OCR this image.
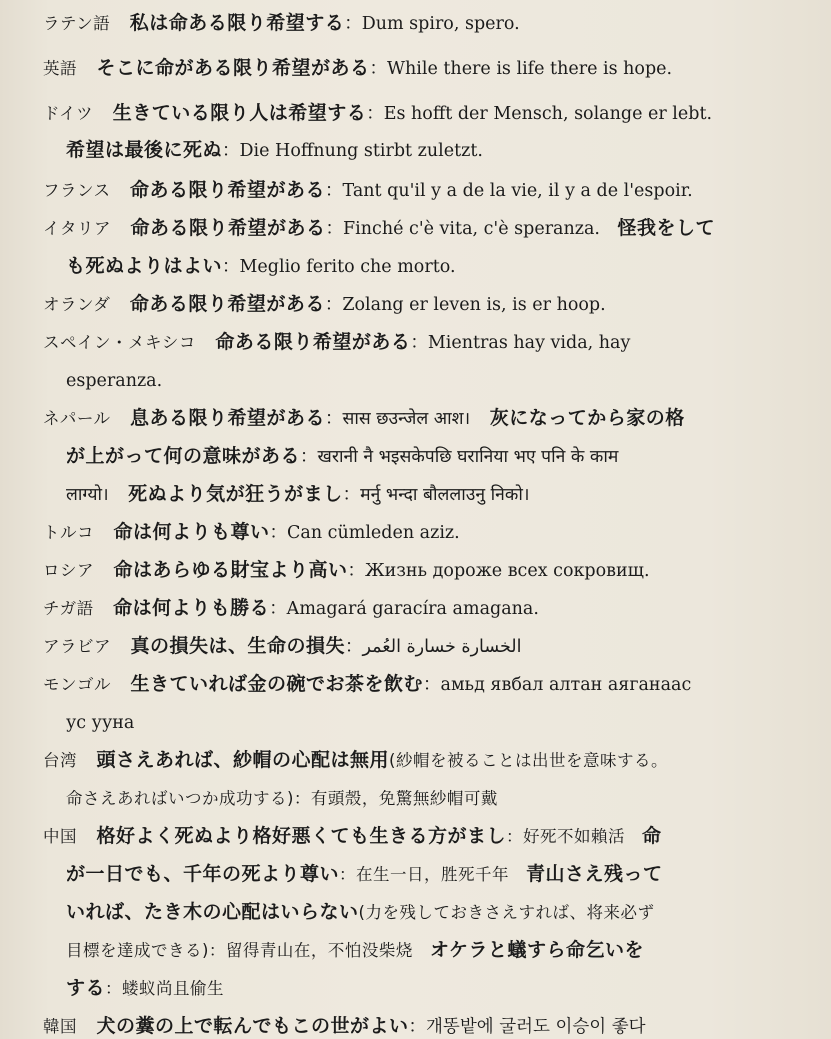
ラテン語　私は命ある限り希望する：Dum spiro, spero.
英語　そこに命がある限り希望がある：While there is life there is hope.
ドイツ　生きている限り人は希望する：Es hofft der Mensch, solange er lebt.
希望は最後に死ぬ：Die Hoffnung stirbt zuletzt.
フランス　命ある限り希望がある：Tant qu'il y a de la vie, il y a de l'espoir.
イタリア　命ある限り希望がある：Finché c'è vita, c'è speranza.　怪我をして
も死ぬよりはよい：Meglio ferito che morto.
オランダ　命ある限り希望がある：Zolang er leven is, is er hoop.
スペイン・メキシコ　命ある限り希望がある：Mientras hay vida, hay
esperanza.
ネパール　息ある限り希望がある：सास छउन्जेल आश।　灰になってから家の格
が上がって何の意味がある：खरानी नै भइसकेपछि घरानिया भए पनि के काम
लाग्यो।　死ぬより気が狂うがまし：मर्नु भन्दा बौललाउनु निको।
トルコ　命は何よりも尊い：Can cümleden aziz.
ロシア　命はあらゆる財宝より高い：Жизнь дороже всех сокровищ.
チガ語　命は何よりも勝る：Amagará garacíra amagana.
アラビア　真の損失は、生命の損失：الخسارة خسارة العُمر
モンゴル　生きていれば金の碗でお茶を飲む：амьд явбал алтан аяганаас
ус ууна
台湾　頭さえあれば、紗帽の心配は無用(紗帽を被ることは出世を意味する。
命さえあればいつか成功する)：有頭殼，免驚無紗帽可戴
中国　格好よく死ぬより格好悪くても生きる方がまし：好死不如賴活　命
が一日でも、千年の死より尊い：在生一日，胜死千年　青山さえ残って
いれば、たき木の心配はいらない(力を残しておきさえすれば、将来必ず
目標を達成できる)：留得青山在，不怕没柴烧　オケラと蟻すら命乞いを
する：蝼蚁尚且偷生
韓国　犬の糞の上で転んでもこの世がよい：개똥밭에 굴러도 이승이 좋다
